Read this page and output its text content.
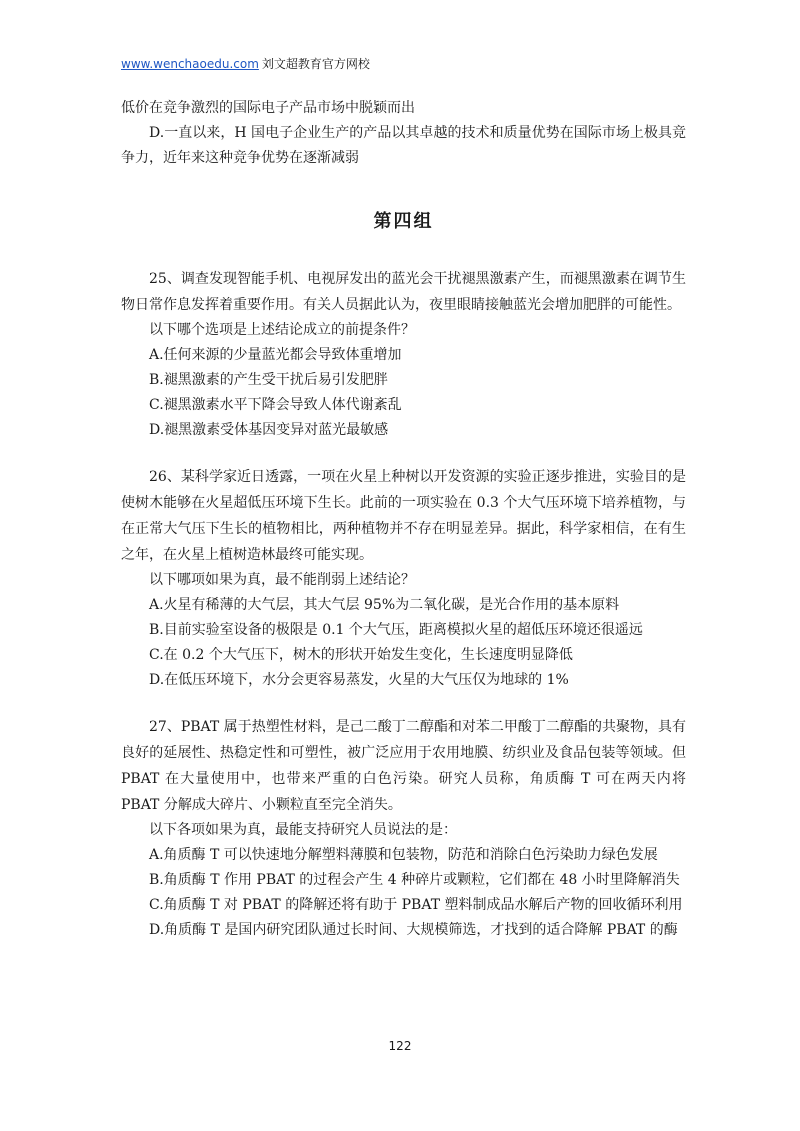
www.wenchaoedu.com 刘文超教育官方网校

低价在竞争激烈的国际电子产品市场中脱颖而出

D.一直以来，H 国电子企业生产的产品以其卓越的技术和质量优势在国际市场上极具竞争力，近年来这种竞争优势在逐渐减弱

第四组

25、调查发现智能手机、电视屏发出的蓝光会干扰褪黑激素产生，而褪黑激素在调节生物日常作息发挥着重要作用。有关人员据此认为，夜里眼睛接触蓝光会增加肥胖的可能性。

以下哪个选项是上述结论成立的前提条件？

A.任何来源的少量蓝光都会导致体重增加

B.褪黑激素的产生受干扰后易引发肥胖

C.褪黑激素水平下降会导致人体代谢紊乱

D.褪黑激素受体基因变异对蓝光最敏感

26、某科学家近日透露，一项在火星上种树以开发资源的实验正逐步推进，实验目的是使树木能够在火星超低压环境下生长。此前的一项实验在 0.3 个大气压环境下培养植物，与在正常大气压下生长的植物相比，两种植物并不存在明显差异。据此，科学家相信，在有生之年，在火星上植树造林最终可能实现。

以下哪项如果为真，最不能削弱上述结论？

A.火星有稀薄的大气层，其大气层 95%为二氧化碳，是光合作用的基本原料

B.目前实验室设备的极限是 0.1 个大气压，距离模拟火星的超低压环境还很遥远

C.在 0.2 个大气压下，树木的形状开始发生变化，生长速度明显降低

D.在低压环境下，水分会更容易蒸发，火星的大气压仅为地球的 1%

27、PBAT 属于热塑性材料，是己二酸丁二醇酯和对苯二甲酸丁二醇酯的共聚物，具有良好的延展性、热稳定性和可塑性，被广泛应用于农用地膜、纺织业及食品包装等领域。但 PBAT 在大量使用中，也带来严重的白色污染。研究人员称，角质酶 T 可在两天内将 PBAT 分解成大碎片、小颗粒直至完全消失。

以下各项如果为真，最能支持研究人员说法的是：

A.角质酶 T 可以快速地分解塑料薄膜和包装物，防范和消除白色污染助力绿色发展

B.角质酶 T 作用 PBAT 的过程会产生 4 种碎片或颗粒，它们都在 48 小时里降解消失

C.角质酶 T 对 PBAT 的降解还将有助于 PBAT 塑料制成品水解后产物的回收循环利用

D.角质酶 T 是国内研究团队通过长时间、大规模筛选，才找到的适合降解 PBAT 的酶

122
